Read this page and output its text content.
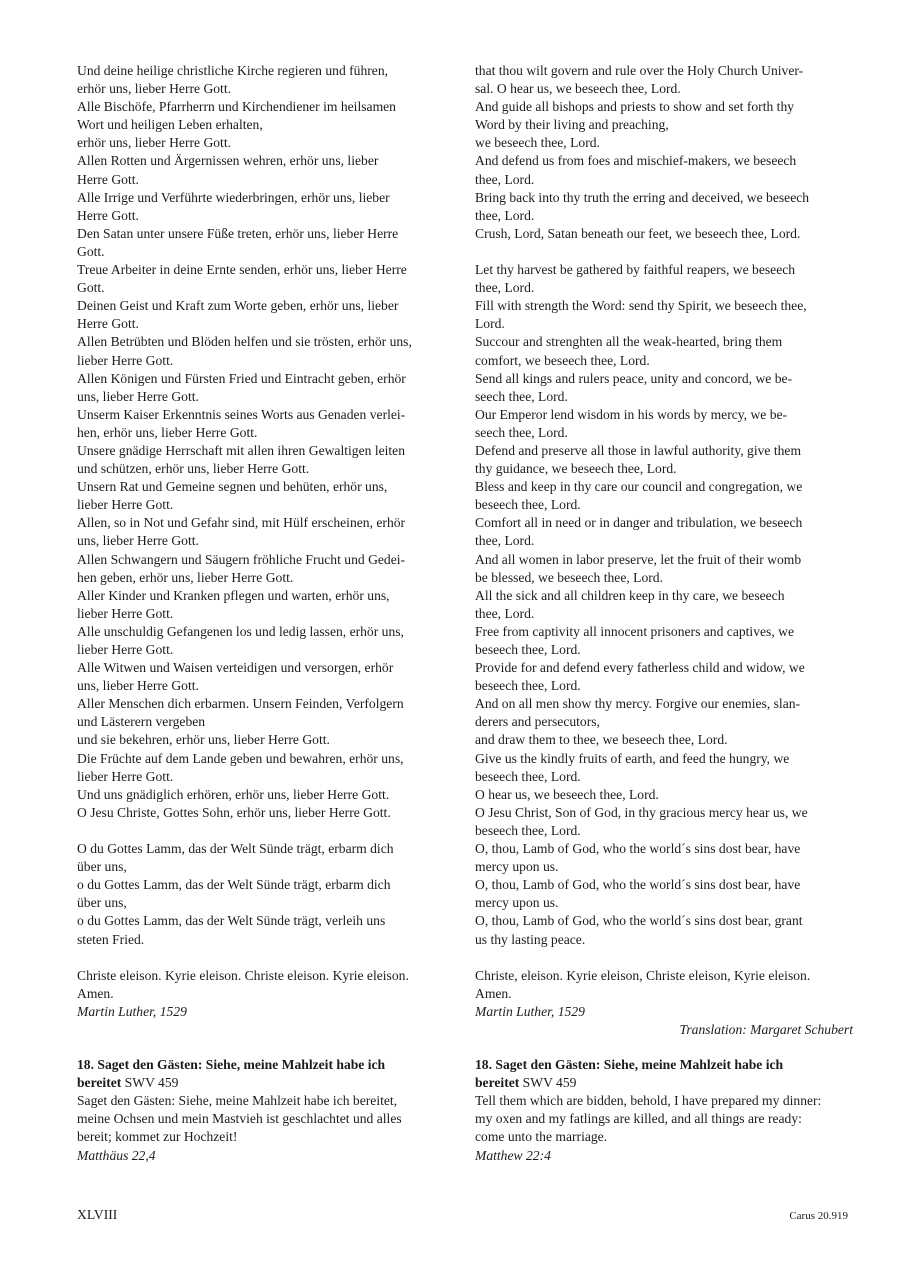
Und deine heilige christliche Kirche regieren und führen,
erhör uns, lieber Herre Gott.
Alle Bischöfe, Pfarrherrn und Kirchendiener im heilsamen
Wort und heiligen Leben erhalten,
erhör uns, lieber Herre Gott.
Allen Rotten und Ärgernissen wehren, erhör uns, lieber
Herre Gott.
Alle Irrige und Verführte wiederbringen, erhör uns, lieber
Herre Gott.
Den Satan unter unsere Füße treten, erhör uns, lieber Herre
Gott.
Treue Arbeiter in deine Ernte senden, erhör uns, lieber Herre
Gott.
Deinen Geist und Kraft zum Worte geben, erhör uns, lieber
Herre Gott.
Allen Betrübten und Blöden helfen und sie trösten, erhör uns,
lieber Herre Gott.
Allen Königen und Fürsten Fried und Eintracht geben, erhör
uns, lieber Herre Gott.
Unserm Kaiser Erkenntnis seines Worts aus Genaden verlei-
hen, erhör uns, lieber Herre Gott.
Unsere gnädige Herrschaft mit allen ihren Gewaltigen leiten
und schützen, erhör uns, lieber Herre Gott.
Unsern Rat und Gemeine segnen und behüten, erhör uns,
lieber Herre Gott.
Allen, so in Not und Gefahr sind, mit Hülf erscheinen, erhör
uns, lieber Herre Gott.
Allen Schwangern und Säugern fröhliche Frucht und Gedei-
hen geben, erhör uns, lieber Herre Gott.
Aller Kinder und Kranken pflegen und warten, erhör uns,
lieber Herre Gott.
Alle unschuldig Gefangenen los und ledig lassen, erhör uns,
lieber Herre Gott.
Alle Witwen und Waisen verteidigen und versorgen, erhör
uns, lieber Herre Gott.
Aller Menschen dich erbarmen. Unsern Feinden, Verfolgern
und Lästerern vergeben
und sie bekehren, erhör uns, lieber Herre Gott.
Die Früchte auf dem Lande geben und bewahren, erhör uns,
lieber Herre Gott.
Und uns gnädiglich erhören, erhör uns, lieber Herre Gott.
O Jesu Christe, Gottes Sohn, erhör uns, lieber Herre Gott.
O du Gottes Lamm, das der Welt Sünde trägt, erbarm dich
über uns,
o du Gottes Lamm, das der Welt Sünde trägt, erbarm dich
über uns,
o du Gottes Lamm, das der Welt Sünde trägt, verleih uns
steten Fried.
Christe eleison. Kyrie eleison. Christe eleison. Kyrie eleison.
Amen.
Martin Luther, 1529
18. Saget den Gästen: Siehe, meine Mahlzeit habe ich
bereitet SWV 459
Saget den Gästen: Siehe, meine Mahlzeit habe ich bereitet,
meine Ochsen und mein Mastvieh ist geschlachtet und alles
bereit; kommet zur Hochzeit!
Matthäus 22,4
that thou wilt govern and rule over the Holy Church Univer-
sal. O hear us, we beseech thee, Lord.
And guide all bishops and priests to show and set forth thy
Word by their living and preaching,
we beseech thee, Lord.
And defend us from foes and mischief-makers, we beseech
thee, Lord.
Bring back into thy truth the erring and deceived, we beseech
thee, Lord.
Crush, Lord, Satan beneath our feet, we beseech thee, Lord.
Let thy harvest be gathered by faithful reapers, we beseech
thee, Lord.
Fill with strength the Word: send thy Spirit, we beseech thee,
Lord.
Succour and strenghten all the weak-hearted, bring them
comfort, we beseech thee, Lord.
Send all kings and rulers peace, unity and concord, we be-
seech thee, Lord.
Our Emperor lend wisdom in his words by mercy, we be-
seech thee, Lord.
Defend and preserve all those in lawful authority, give them
thy guidance, we beseech thee, Lord.
Bless and keep in thy care our council and congregation, we
beseech thee, Lord.
Comfort all in need or in danger and tribulation, we beseech
thee, Lord.
And all women in labor preserve, let the fruit of their womb
be blessed, we beseech thee, Lord.
All the sick and all children keep in thy care, we beseech
thee, Lord.
Free from captivity all innocent prisoners and captives, we
beseech thee, Lord.
Provide for and defend every fatherless child and widow, we
beseech thee, Lord.
And on all men show thy mercy. Forgive our enemies, slan-
derers and persecutors,
and draw them to thee, we beseech thee, Lord.
Give us the kindly fruits of earth, and feed the hungry, we
beseech thee, Lord.
O hear us, we beseech thee, Lord.
O Jesu Christ, Son of God, in thy gracious mercy hear us, we
beseech thee, Lord.
O, thou, Lamb of God, who the world´s sins dost bear, have
mercy upon us.
O, thou, Lamb of God, who the world´s sins dost bear, have
mercy upon us.
O, thou, Lamb of God, who the world´s sins dost bear, grant
us thy lasting peace.
Christe, eleison. Kyrie eleison, Christe eleison, Kyrie eleison.
Amen.
Martin Luther, 1529
Translation: Margaret Schubert
18. Saget den Gästen: Siehe, meine Mahlzeit habe ich
bereitet SWV 459
Tell them which are bidden, behold, I have prepared my dinner:
my oxen and my fatlings are killed, and all things are ready:
come unto the marriage.
Matthew 22:4
XLVIII	Carus 20.919
